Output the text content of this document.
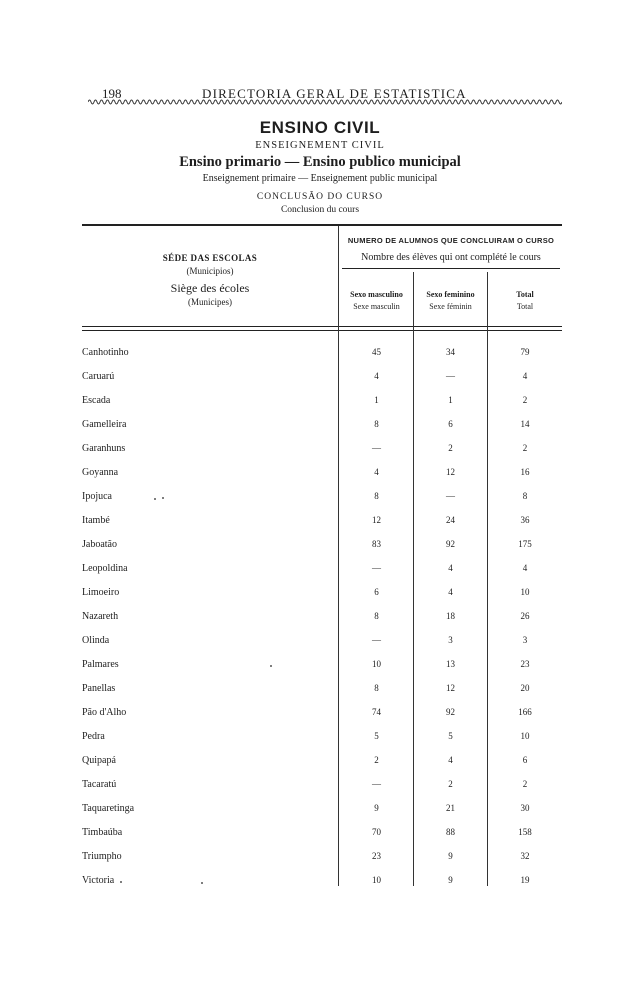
198	DIRECTORIA GERAL DE ESTATISTICA
ENSINO CIVIL
ENSEIGNEMENT CIVIL
Ensino primario — Ensino publico municipal
Enseignement primaire — Enseignement public municipal
CONCLUSÃO DO CURSO
Conclusion du cours
SÉDE DAS ESCOLAS
(Municipios)
Siège des écoles
(Municipes)
NUMERO DE ALUMNOS QUE CONCLUIRAM O CURSO
Nombre des élèves qui ont complété le cours
Sexo masculino
Sexe masculin
Sexo feminino
Sexe féminin
Total
Total
Canhotinho	45	34	79
Caruarú	4	—	4
Escada	1	1	2
Gamelleira	8	6	14
Garanhuns	—	2	2
Goyanna	4	12	16
Ipojuca	8	—	8
Itambé	12	24	36
Jaboatão	83	92	175
Leopoldina	—	4	4
Limoeiro	6	4	10
Nazareth	8	18	26
Olinda	—	3	3
Palmares	10	13	23
Panellas	8	12	20
Pão d'Alho	74	92	166
Pedra	5	5	10
Quipapá	2	4	6
Tacaratú	—	2	2
Taquaretinga	9	21	30
Timbaúba	70	88	158
Triumpho	23	9	32
Victoria	10	9	19
